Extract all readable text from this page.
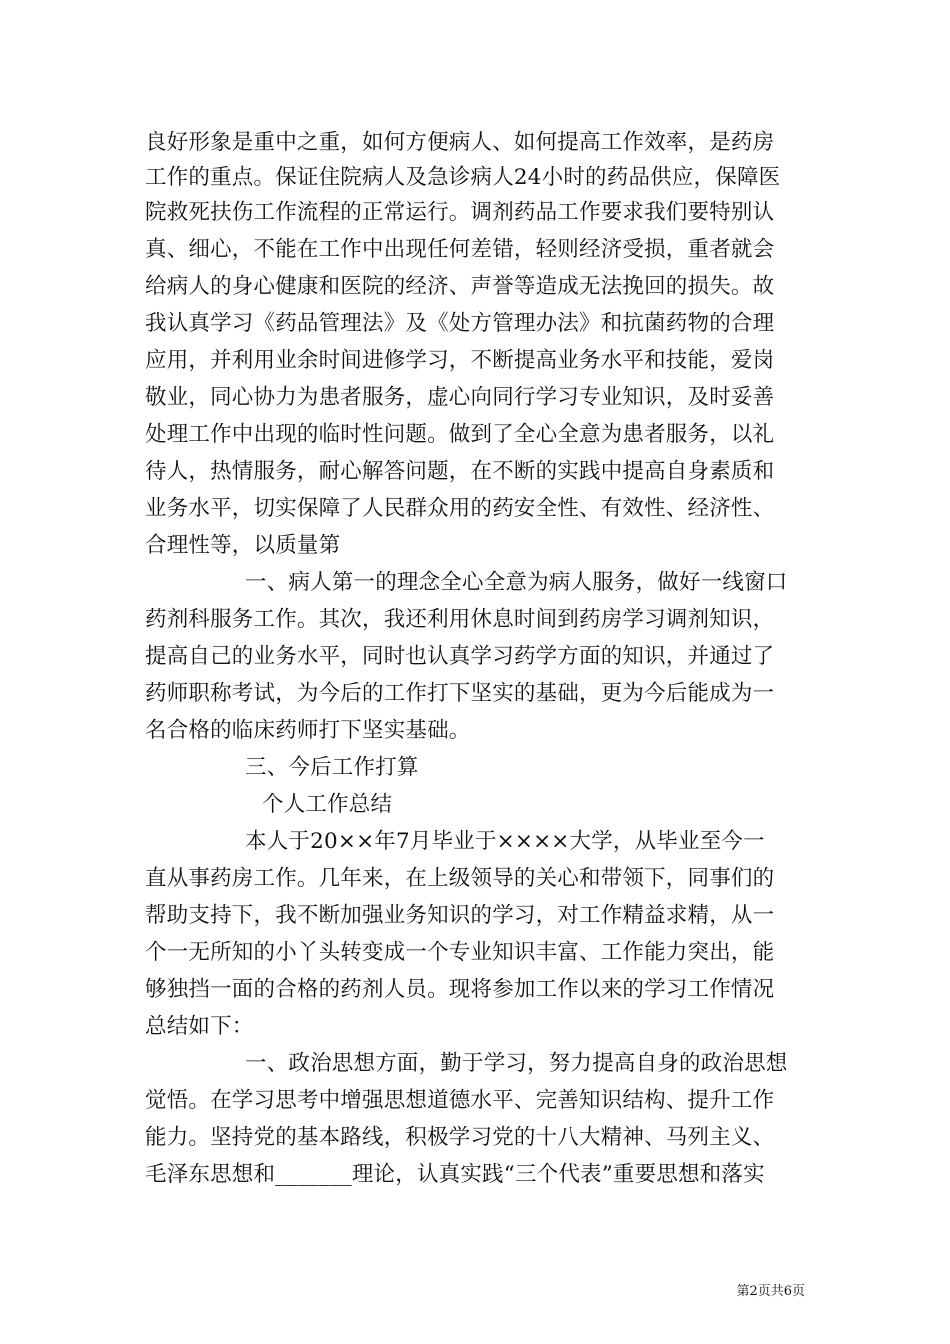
良好形象是重中之重，如何方便病人、如何提高工作效率，是药房
工作的重点。保证住院病人及急诊病人24小时的药品供应，保障医
院救死扶伤工作流程的正常运行。调剂药品工作要求我们要特别认
真、细心，不能在工作中出现任何差错，轻则经济受损，重者就会
给病人的身心健康和医院的经济、声誉等造成无法挽回的损失。故
我认真学习《药品管理法》及《处方管理办法》和抗菌药物的合理
应用，并利用业余时间进修学习，不断提高业务水平和技能，爱岗
敬业，同心协力为患者服务，虚心向同行学习专业知识，及时妥善
处理工作中出现的临时性问题。做到了全心全意为患者服务，以礼
待人，热情服务，耐心解答问题，在不断的实践中提高自身素质和
业务水平，切实保障了人民群众用的药安全性、有效性、经济性、
合理性等，以质量第
一、病人第一的理念全心全意为病人服务，做好一线窗口
药剂科服务工作。其次，我还利用休息时间到药房学习调剂知识，
提高自己的业务水平，同时也认真学习药学方面的知识，并通过了
药师职称考试，为今后的工作打下坚实的基础，更为今后能成为一
名合格的临床药师打下坚实基础。
三、今后工作打算
个人工作总结
本人于20××年7月毕业于××××大学，从毕业至今一
直从事药房工作。几年来，在上级领导的关心和带领下，同事们的
帮助支持下，我不断加强业务知识的学习，对工作精益求精，从一
个一无所知的小丫头转变成一个专业知识丰富、工作能力突出，能
够独挡一面的合格的药剂人员。现将参加工作以来的学习工作情况
总结如下：
一、政治思想方面，勤于学习，努力提高自身的政治思想
觉悟。在学习思考中增强思想道德水平、完善知识结构、提升工作
能力。坚持党的基本路线，积极学习党的十八大精神、马列主义、
毛泽东思想和_______理论，认真实践“三个代表”重要思想和落实
第2页共6页
